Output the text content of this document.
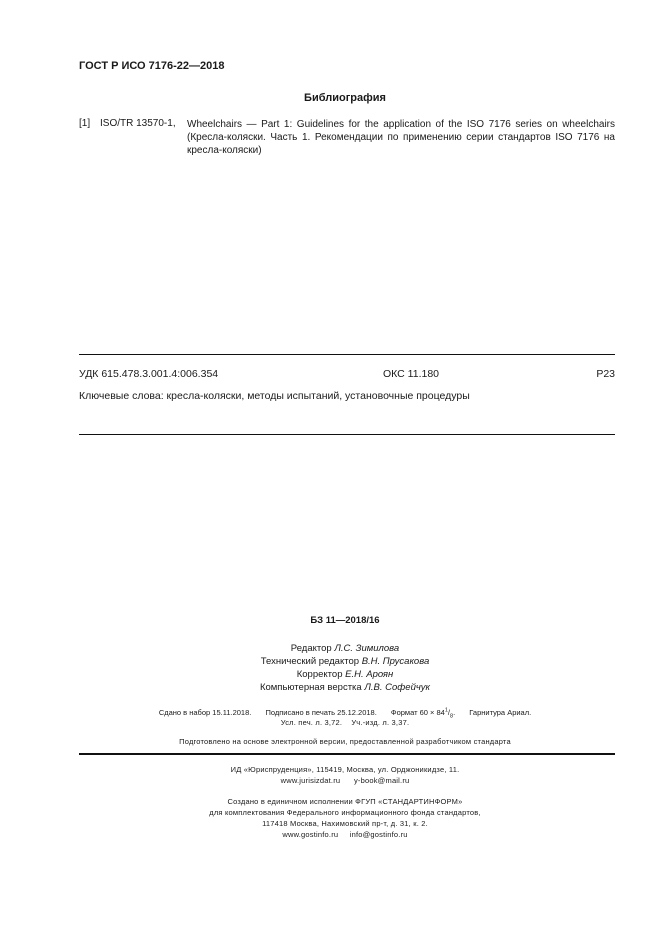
ГОСТ Р ИСО 7176-22—2018
Библиография
[1] ISO/TR 13570-1, Wheelchairs — Part 1: Guidelines for the application of the ISO 7176 series on wheelchairs
(Кресла-коляски. Часть 1. Рекомендации по применению серии стандартов ISO 7176 на
кресла-коляски)
УДК 615.478.3.001.4:006.354	ОКС 11.180	Р23
Ключевые слова: кресла-коляски, методы испытаний, установочные процедуры
БЗ 11—2018/16
Редактор Л.С. Зимилова
Технический редактор В.Н. Прусакова
Корректор Е.Н. Ароян
Компьютерная верстка Л.В. Софейчук
Сдано в набор 15.11.2018. Подписано в печать 25.12.2018. Формат $60 \times 84^1/_8$. Гарнитура Ариал.
Усл. печ. л. 3,72. Уч.-изд. л. 3,37.
Подготовлено на основе электронной версии, предоставленной разработчиком стандарта
ИД «Юриспруденция», 115419, Москва, ул. Орджоникидзе, 11.
www.jurisizdat.ru y-book@mail.ru
Создано в единичном исполнении ФГУП «СТАНДАРТИНФОРМ»
для комплектования Федерального информационного фонда стандартов,
117418 Москва, Нахимовский пр-т, д. 31, к. 2.
www.gostinfo.ru info@gostinfo.ru
